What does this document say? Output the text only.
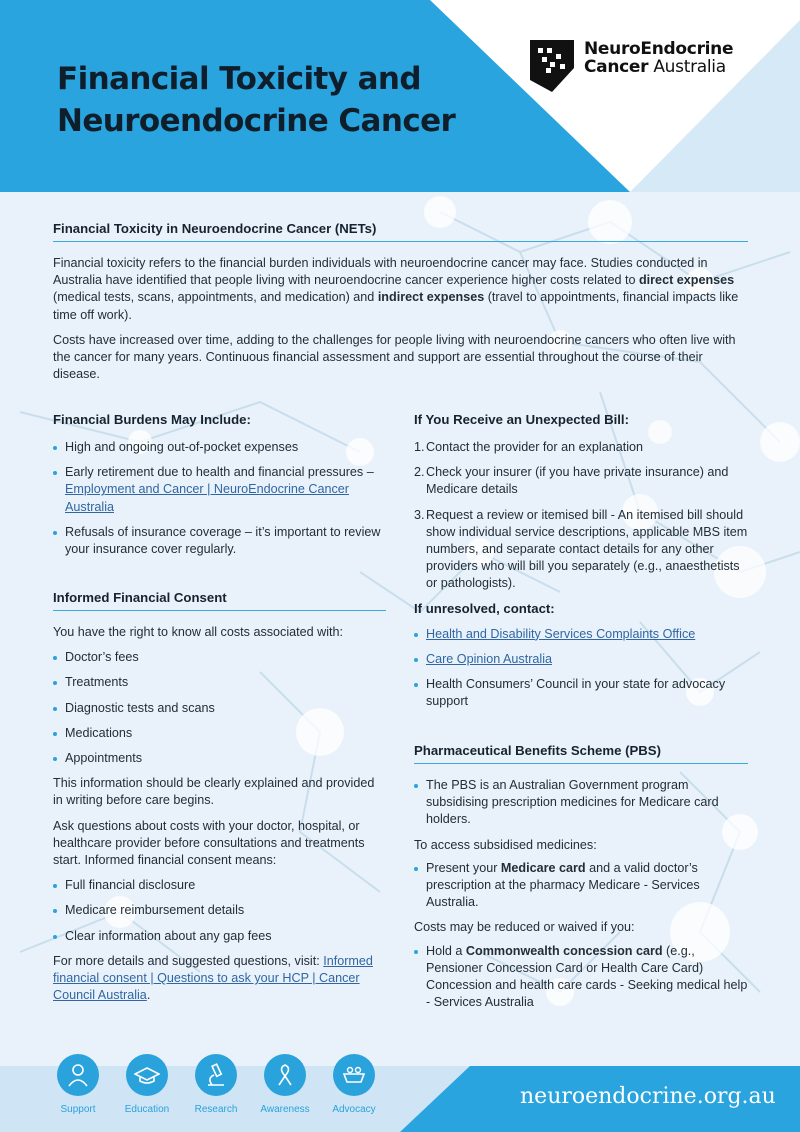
Financial Toxicity and
Neuroendocrine Cancer
NeuroEndocrine
Cancer Australia
Financial Toxicity in Neuroendocrine Cancer (NETs)

Financial toxicity refers to the financial burden individuals with neuroendocrine cancer may face. Studies conducted in Australia have identified that people living with neuroendocrine cancer experience higher costs related to direct expenses (medical tests, scans, appointments, and medication) and indirect expenses (travel to appointments, financial impacts like time off work).

Costs have increased over time, adding to the challenges for people living with neuroendocrine cancers who often live with the cancer for many years. Continuous financial assessment and support are essential throughout the course of their disease.

Financial Burdens May Include:
High and ongoing out-of-pocket expenses
Early retirement due to health and financial pressures – Employment and Cancer | NeuroEndocrine Cancer Australia
Refusals of insurance coverage – it’s important to review your insurance cover regularly.
Informed Financial Consent

You have the right to know all costs associated with:

Doctor’s fees
Treatments
Diagnostic tests and scans
Medications
Appointments

This information should be clearly explained and provided in writing before care begins.

Ask questions about costs with your doctor, hospital, or healthcare provider before consultations and treatments start. Informed financial consent means:

Full financial disclosure
Medicare reimbursement details
Clear information about any gap fees

For more details and suggested questions, visit: Informed financial consent | Questions to ask your HCP | Cancer Council Australia.

If You Receive an Unexpected Bill:
1. Contact the provider for an explanation
2. Check your insurer (if you have private insurance) and Medicare details
3. Request a review or itemised bill - An itemised bill should show individual service descriptions, applicable MBS item numbers, and separate contact details for any other providers who will bill you separately (e.g., anaesthetists or pathologists).
If unresolved, contact:
Health and Disability Services Complaints Office
Care Opinion Australia
Health Consumers’ Council in your state for advocacy support
Pharmaceutical Benefits Scheme (PBS)
The PBS is an Australian Government program subsidising prescription medicines for Medicare card holders.

To access subsidised medicines:

Present your Medicare card and a valid doctor’s prescription at the pharmacy Medicare - Services Australia.

Costs may be reduced or waived if you:

Hold a Commonwealth concession card (e.g., Pensioner Concession Card or Health Care Card) Concession and health care cards - Seeking medical help - Services Australia
neuroendocrine.org.au
Support	Education	Research Awareness Advocacy
